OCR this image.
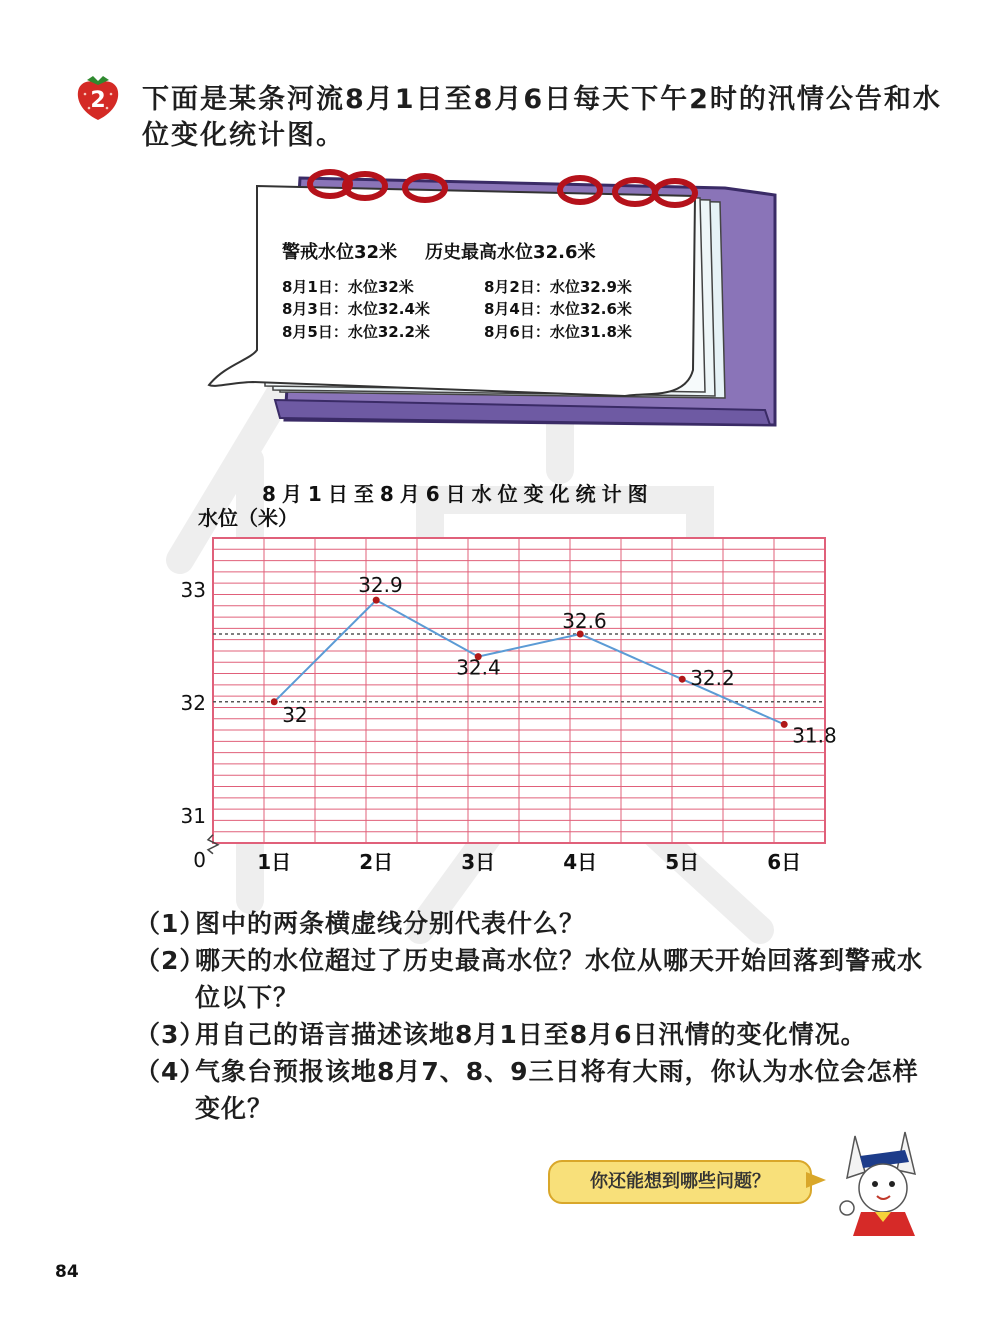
2 下面是某条河流8月1日至8月6日每天下午2时的汛情公告和水位变化统计图。
警戒水位32米 历史最高水位32.6米
8月1日：水位32米	8月2日：水位32.9米
8月3日：水位32.4米	8月4日：水位32.6米
8月5日：水位32.2米	8月6日：水位31.8米
8月1日至8月6日水位变化统计图
水位（米）
33
32
31
0	1日	2日	3日	4日	5日	6日
32
32.9
32.4
32.6
32.2
31.8
（1）
图中的两条横虚线分别代表什么？
（2）
哪天的水位超过了历史最高水位？水位从哪天开始回落到警戒水位以下？
（3）
用自己的语言描述该地8月1日至8月6日汛情的变化情况。
（4）
气象台预报该地8月7、8、9三日将有大雨，你认为水位会怎样变化？
你还能想到哪些问题？
84
